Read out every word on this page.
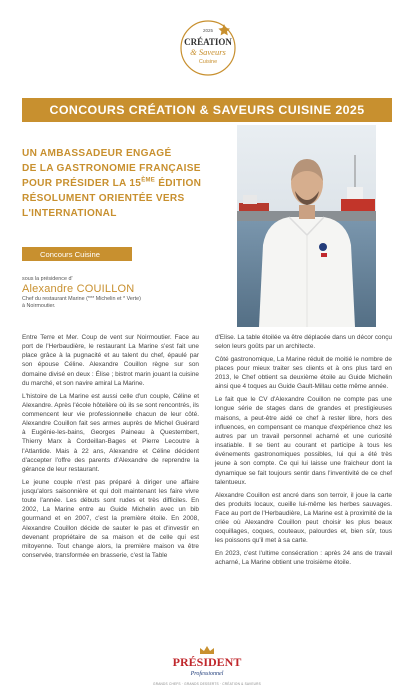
2025
CRÉATION
& Saveurs
Cuisine
CONCOURS CRÉATION & SAVEURS CUISINE 2025
UN AMBASSADEUR ENGAGÉ
DE LA GASTRONOMIE FRANÇAISE
POUR PRÉSIDER LA 15ÈME ÉDITION
RÉSOLUMENT ORIENTÉE VERS
L'INTERNATIONAL
Concours Cuisine
sous la présidence d'
Alexandre COUILLON
Chef du restaurant Marine (*** Michelin et * Verte)
à Noirmoutier.

Entre Terre et Mer. Coup de vent sur Noirmoutier. Face au port de l'Herbaudière, le restaurant La Marine s'est fait une place grâce à la pugnacité et au talent du chef, épaulé par son épouse Céline. Alexandre Couillon règne sur son domaine divisé en deux : Élise ; bistrot marin jouant la cuisine du marché, et son navire amiral La Marine.

L'histoire de La Marine est aussi celle d'un couple, Céline et Alexandre. Après l'école hôtelière où ils se sont rencontrés, ils commencent leur vie professionnelle chacun de leur côté. Alexandre Couillon fait ses armes auprès de Michel Guérard à Eugénie-les-bains, Georges Paineau à Questembert, Thierry Marx à Cordeillan-Bages et Pierre Lecoutre à l'Atlantide. Mais à 22 ans, Alexandre et Céline décident d'accepter l'offre des parents d'Alexandre de reprendre la gérance de leur restaurant.

Le jeune couple n'est pas préparé à diriger une affaire jusqu'alors saisonnière et qui doit maintenant les faire vivre toute l'année. Les débuts sont rudes et très difficiles. En 2002, La Marine entre au Guide Michelin avec un bib gourmand et en 2007, c'est la première étoile. En 2008, Alexandre Couillon décide de sauter le pas et d'investir en devenant propriétaire de sa maison et de celle qui est mitoyenne. Tout change alors, la première maison va être conservée, transformée en brasserie, c'est la Table

d'Elise. La table étoilée va être déplacée dans un décor conçu selon leurs goûts par un architecte.

Côté gastronomique, La Marine réduit de moitié le nombre de places pour mieux traiter ses clients et à ons plus tard en 2013, le Chef obtient sa deuxième étoile au Guide Michelin ainsi que 4 toques au Guide Gault-Millau cette même année.

Le fait que le CV d'Alexandre Couillon ne compte pas une longue série de stages dans de grandes et prestigieuses maisons, a peut-être aidé ce chef à rester libre, hors des influences, en compensant ce manque d'expérience chez les autres par un travail personnel acharné et une curiosité insatiable. Il se tient au courant et participe à tous les événements gastronomiques possibles, lui qui a été très jeune à son compte. Ce qui lui laisse une fraicheur dont la dynamique se fait toujours sentir dans l'inventivité de ce chef talentueux.

Alexandre Couillon est ancré dans son terroir, il joue la carte des produits locaux, cueille lui-même les herbes sauvages. Face au port de l'Herbaudière, La Marine est à proximité de la criée où Alexandre Couillon peut choisir les plus beaux coquillages, coques, couteaux, palourdes et, bien sûr, tous les poissons qu'il met à sa carte.

En 2023, c'est l'ultime consécration : après 24 ans de travail acharné, La Marine obtient une troisième étoile.

PRÉSIDENT
Professionnel
GRANDS CHEFS · GRANDS DESSERTS · CRÉATION & SAVEURS
